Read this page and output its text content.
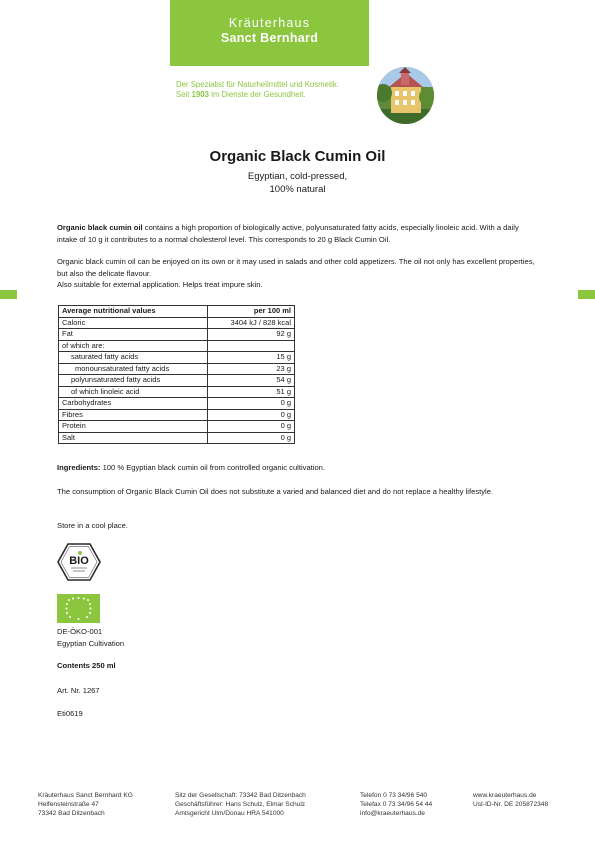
Kräuterhaus
Sanct Bernhard
Der Spezialist für Naturheilmittel und Kosmetik.
Seit 1903 im Dienste der Gesundheit.
Organic Black Cumin Oil
Egyptian, cold-pressed,
100% natural
Organic black cumin oil contains a high proportion of biologically active, polyunsaturated fatty acids, especially linoleic acid. With a daily intake of 10 g it contributes to a normal cholesterol level. This corresponds to 20 g Black Cumin Oil.
Organic black cumin oil can be enjoyed on its own or it may used in salads and other cold appetizers. The oil not only has excellent properties, but also the delicate flavour.
Also suitable for external application. Helps treat impure skin.
Average nutritional values	per 100 ml
Caloric	3404 kJ / 828 kcal
Fat	92 g
of which are:	
saturated fatty acids	15 g
monounsaturated fatty acids	23 g
polyunsaturated fatty acids	54 g
of which linoleic acid	51 g
Carbohydrates	0 g
Fibres	0 g
Protein	0 g
Salt	0 g
Ingredients: 100 % Egyptian black cumin oil from controlled organic cultivation.
The consumption of Organic Black Cumin Oil does not substitute a varied and balanced diet and do not replace a healthy lifestyle.
Store in a cool place.
BIO
DE-ÖKO-001
Egyptian Cultivation
Contents 250 ml
Art. Nr. 1267
Eti0619
Kräuterhaus Sanct Bernhard KG
Helfensteinstraße 47
73342 Bad Ditzenbach
Sitz der Gesellschaft: 73342 Bad Ditzenbach
Geschäftsführer: Hans Schulz, Elmar Schulz
Amtsgericht Ulm/Donau HRA 541000
Telefon 0 73 34/96 540
Telefax 0 73 34/96 54 44
info@kraeuterhaus.de
www.kraeuterhaus.de
Ust-ID-Nr. DE 205872348
